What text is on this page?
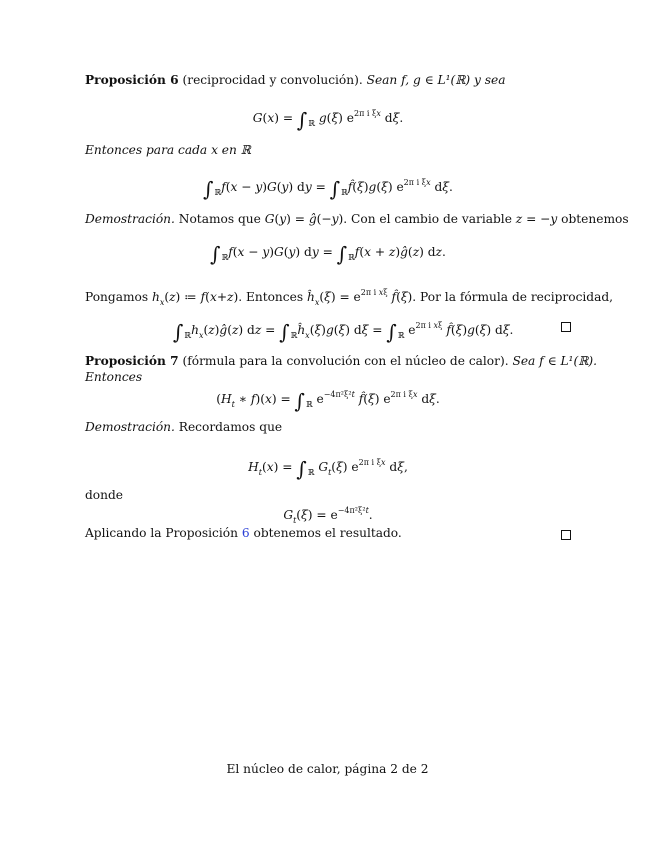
Proposición 6 (reciprocidad y convolución). Sean f, g ∈ L¹(ℝ) y sea
$G(x) = \int_ℝ$ g(ξ) $e^{2\pi i \xi x}$ dξ.
Entonces para cada x en ℝ
$\int_ℝf(x - y)G(y)$ dy = $\int_ℝf̂(\xi)g(\xi)$ $e^{2\pi i \xi x}$ dξ.
Demostración. Notamos que G(y) = ĝ(−y). Con el cambio de variable z = −y obtenemos
$\int_ℝf(x - y)G(y)$ dy = $\int_ℝf(x$ + z)ĝ(z) dz.
Pongamos $h_x(z)$ ≔ f(x+z). Entonces $ĥ_x(\xi) = e^{2\pi i x\xi}$ f̂(ξ). Por la fórmula de reciprocidad,
$\int_ℝh_x(z)ĝ(z)$ dz = $\int_ℝĥ_x(\xi)g(\xi) d\xi = \int_ℝ$ $e^{2\pi i x\xi}$ f̂(ξ)g(ξ) dξ.
Proposición 7 (fórmula para la convolución con el núcleo de calor). Sea f ∈ L¹(ℝ).
Entonces
($H_t$ ∗ $f)(x) = \int_ℝ$ $e^{-4\pi^2\xi^2t}$ f̂(ξ) $e^{2\pi i \xi x}$ dξ.
Demostración. Recordamos que
$H_t(x) = \int_ℝ$ $G_t(\xi)$ $e^{2\pi i \xi x}$ dξ,
donde
$G_t(\xi) = e^{-4\pi^2\xi^2t}$.
Aplicando la Proposición 6 obtenemos el resultado.
El núcleo de calor, página 2 de 2
